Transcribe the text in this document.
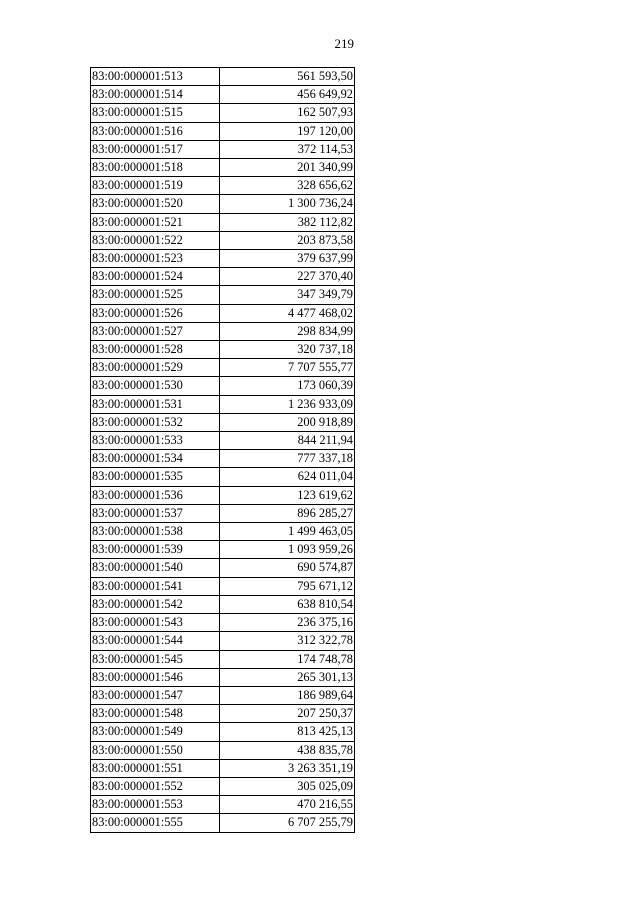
219
83:00:000001:513	561 593,50
83:00:000001:514	456 649,92
83:00:000001:515	162 507,93
83:00:000001:516	197 120,00
83:00:000001:517	372 114,53
83:00:000001:518	201 340,99
83:00:000001:519	328 656,62
83:00:000001:520	1 300 736,24
83:00:000001:521	382 112,82
83:00:000001:522	203 873,58
83:00:000001:523	379 637,99
83:00:000001:524	227 370,40
83:00:000001:525	347 349,79
83:00:000001:526	4 477 468,02
83:00:000001:527	298 834,99
83:00:000001:528	320 737,18
83:00:000001:529	7 707 555,77
83:00:000001:530	173 060,39
83:00:000001:531	1 236 933,09
83:00:000001:532	200 918,89
83:00:000001:533	844 211,94
83:00:000001:534	777 337,18
83:00:000001:535	624 011,04
83:00:000001:536	123 619,62
83:00:000001:537	896 285,27
83:00:000001:538	1 499 463,05
83:00:000001:539	1 093 959,26
83:00:000001:540	690 574,87
83:00:000001:541	795 671,12
83:00:000001:542	638 810,54
83:00:000001:543	236 375,16
83:00:000001:544	312 322,78
83:00:000001:545	174 748,78
83:00:000001:546	265 301,13
83:00:000001:547	186 989,64
83:00:000001:548	207 250,37
83:00:000001:549	813 425,13
83:00:000001:550	438 835,78
83:00:000001:551	3 263 351,19
83:00:000001:552	305 025,09
83:00:000001:553	470 216,55
83:00:000001:555	6 707 255,79
